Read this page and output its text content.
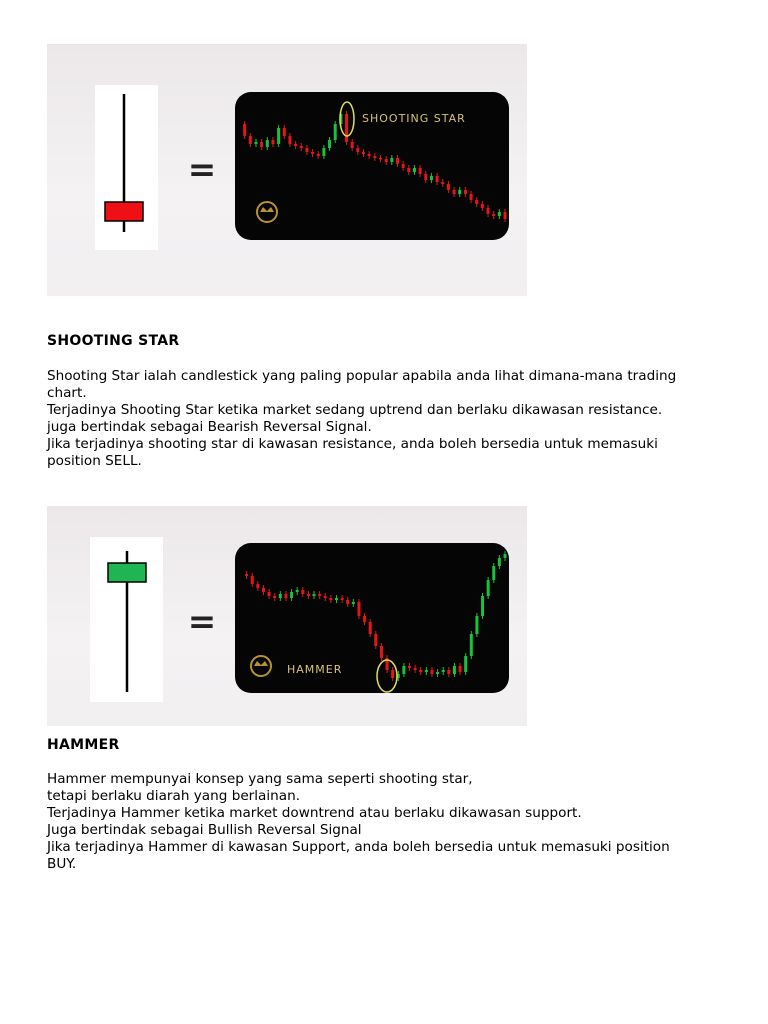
=
SHOOTING STAR
SHOOTING STAR
Shooting Star ialah candlestick yang paling popular apabila anda lihat dimana-mana trading
chart.
Terjadinya Shooting Star ketika market sedang uptrend dan berlaku dikawasan resistance.
juga bertindak sebagai Bearish Reversal Signal.
Jika terjadinya shooting star di kawasan resistance, anda boleh bersedia untuk memasuki
position SELL.
=
HAMMER
HAMMER
Hammer mempunyai konsep yang sama seperti shooting star,
tetapi berlaku diarah yang berlainan.
Terjadinya Hammer ketika market downtrend atau berlaku dikawasan support.
Juga bertindak sebagai Bullish Reversal Signal
Jika terjadinya Hammer di kawasan Support, anda boleh bersedia untuk memasuki position
BUY.
